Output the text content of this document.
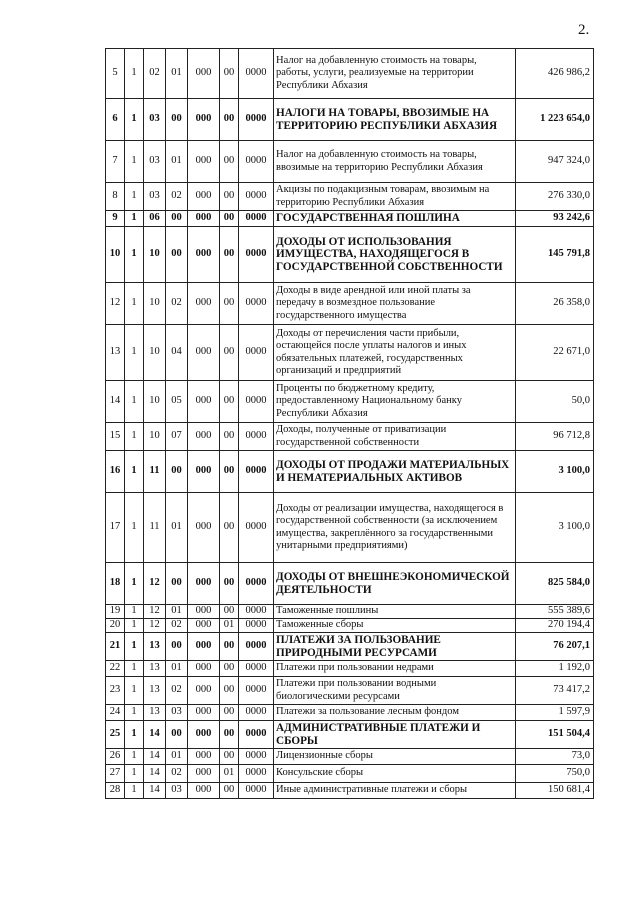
2.
5	1	02	01	000	00	0000	Налог на добавленную стоимость на товары, работы, услуги, реализуемые на территории Республики Абхазия	426 986,2
6	1	03	00	000	00	0000	НАЛОГИ НА ТОВАРЫ, ВВОЗИМЫЕ НА ТЕРРИТОРИЮ РЕСПУБЛИКИ АБХАЗИЯ	1 223 654,0
7	1	03	01	000	00	0000	Налог на добавленную стоимость на товары, ввозимые на территорию Республики Абхазия	947 324,0
8	1	03	02	000	00	0000	Акцизы по подакцизным товарам, ввозимым на территорию Республики Абхазия	276 330,0
9	1	06	00	000	00	0000	ГОСУДАРСТВЕННАЯ ПОШЛИНА	93 242,6
10	1	10	00	000	00	0000	ДОХОДЫ ОТ ИСПОЛЬЗОВАНИЯ ИМУЩЕСТВА, НАХОДЯЩЕГОСЯ В ГОСУДАРСТВЕННОЙ СОБСТВЕННОСТИ	145 791,8
12	1	10	02	000	00	0000	Доходы в виде арендной или иной платы за передачу в возмездное пользование государственного имущества	26 358,0
13	1	10	04	000	00	0000	Доходы от перечисления части прибыли, остающейся после уплаты налогов и иных обязательных платежей, государственных организаций и предприятий	22 671,0
14	1	10	05	000	00	0000	Проценты по бюджетному кредиту, предоставленному Национальному банку Республики Абхазия	50,0
15	1	10	07	000	00	0000	Доходы, полученные от приватизации государственной собственности	96 712,8
16	1	11	00	000	00	0000	ДОХОДЫ ОТ ПРОДАЖИ МАТЕРИАЛЬНЫХ И НЕМАТЕРИАЛЬНЫХ АКТИВОВ	3 100,0
17	1	11	01	000	00	0000	Доходы от реализации имущества, находящегося в государственной собственности (за исключением имущества, закреплённого за государственными унитарными предприятиями)	3 100,0
18	1	12	00	000	00	0000	ДОХОДЫ ОТ ВНЕШНЕЭКОНОМИЧЕСКОЙ ДЕЯТЕЛЬНОСТИ	825 584,0
19	1	12	01	000	00	0000	Таможенные пошлины	555 389,6
20	1	12	02	000	01	0000	Таможенные сборы	270 194,4
21	1	13	00	000	00	0000	ПЛАТЕЖИ ЗА ПОЛЬЗОВАНИЕ ПРИРОДНЫМИ РЕСУРСАМИ	76 207,1
22	1	13	01	000	00	0000	Платежи при пользовании недрами	1 192,0
23	1	13	02	000	00	0000	Платежи при пользовании водными биологическими ресурсами	73 417,2
24	1	13	03	000	00	0000	Платежи за пользование лесным фондом	1 597,9
25	1	14	00	000	00	0000	АДМИНИСТРАТИВНЫЕ ПЛАТЕЖИ И СБОРЫ	151 504,4
26	1	14	01	000	00	0000	Лицензионные сборы	73,0
27	1	14	02	000	01	0000	Консульские сборы	750,0
28	1	14	03	000	00	0000	Иные административные платежи и сборы	150 681,4
